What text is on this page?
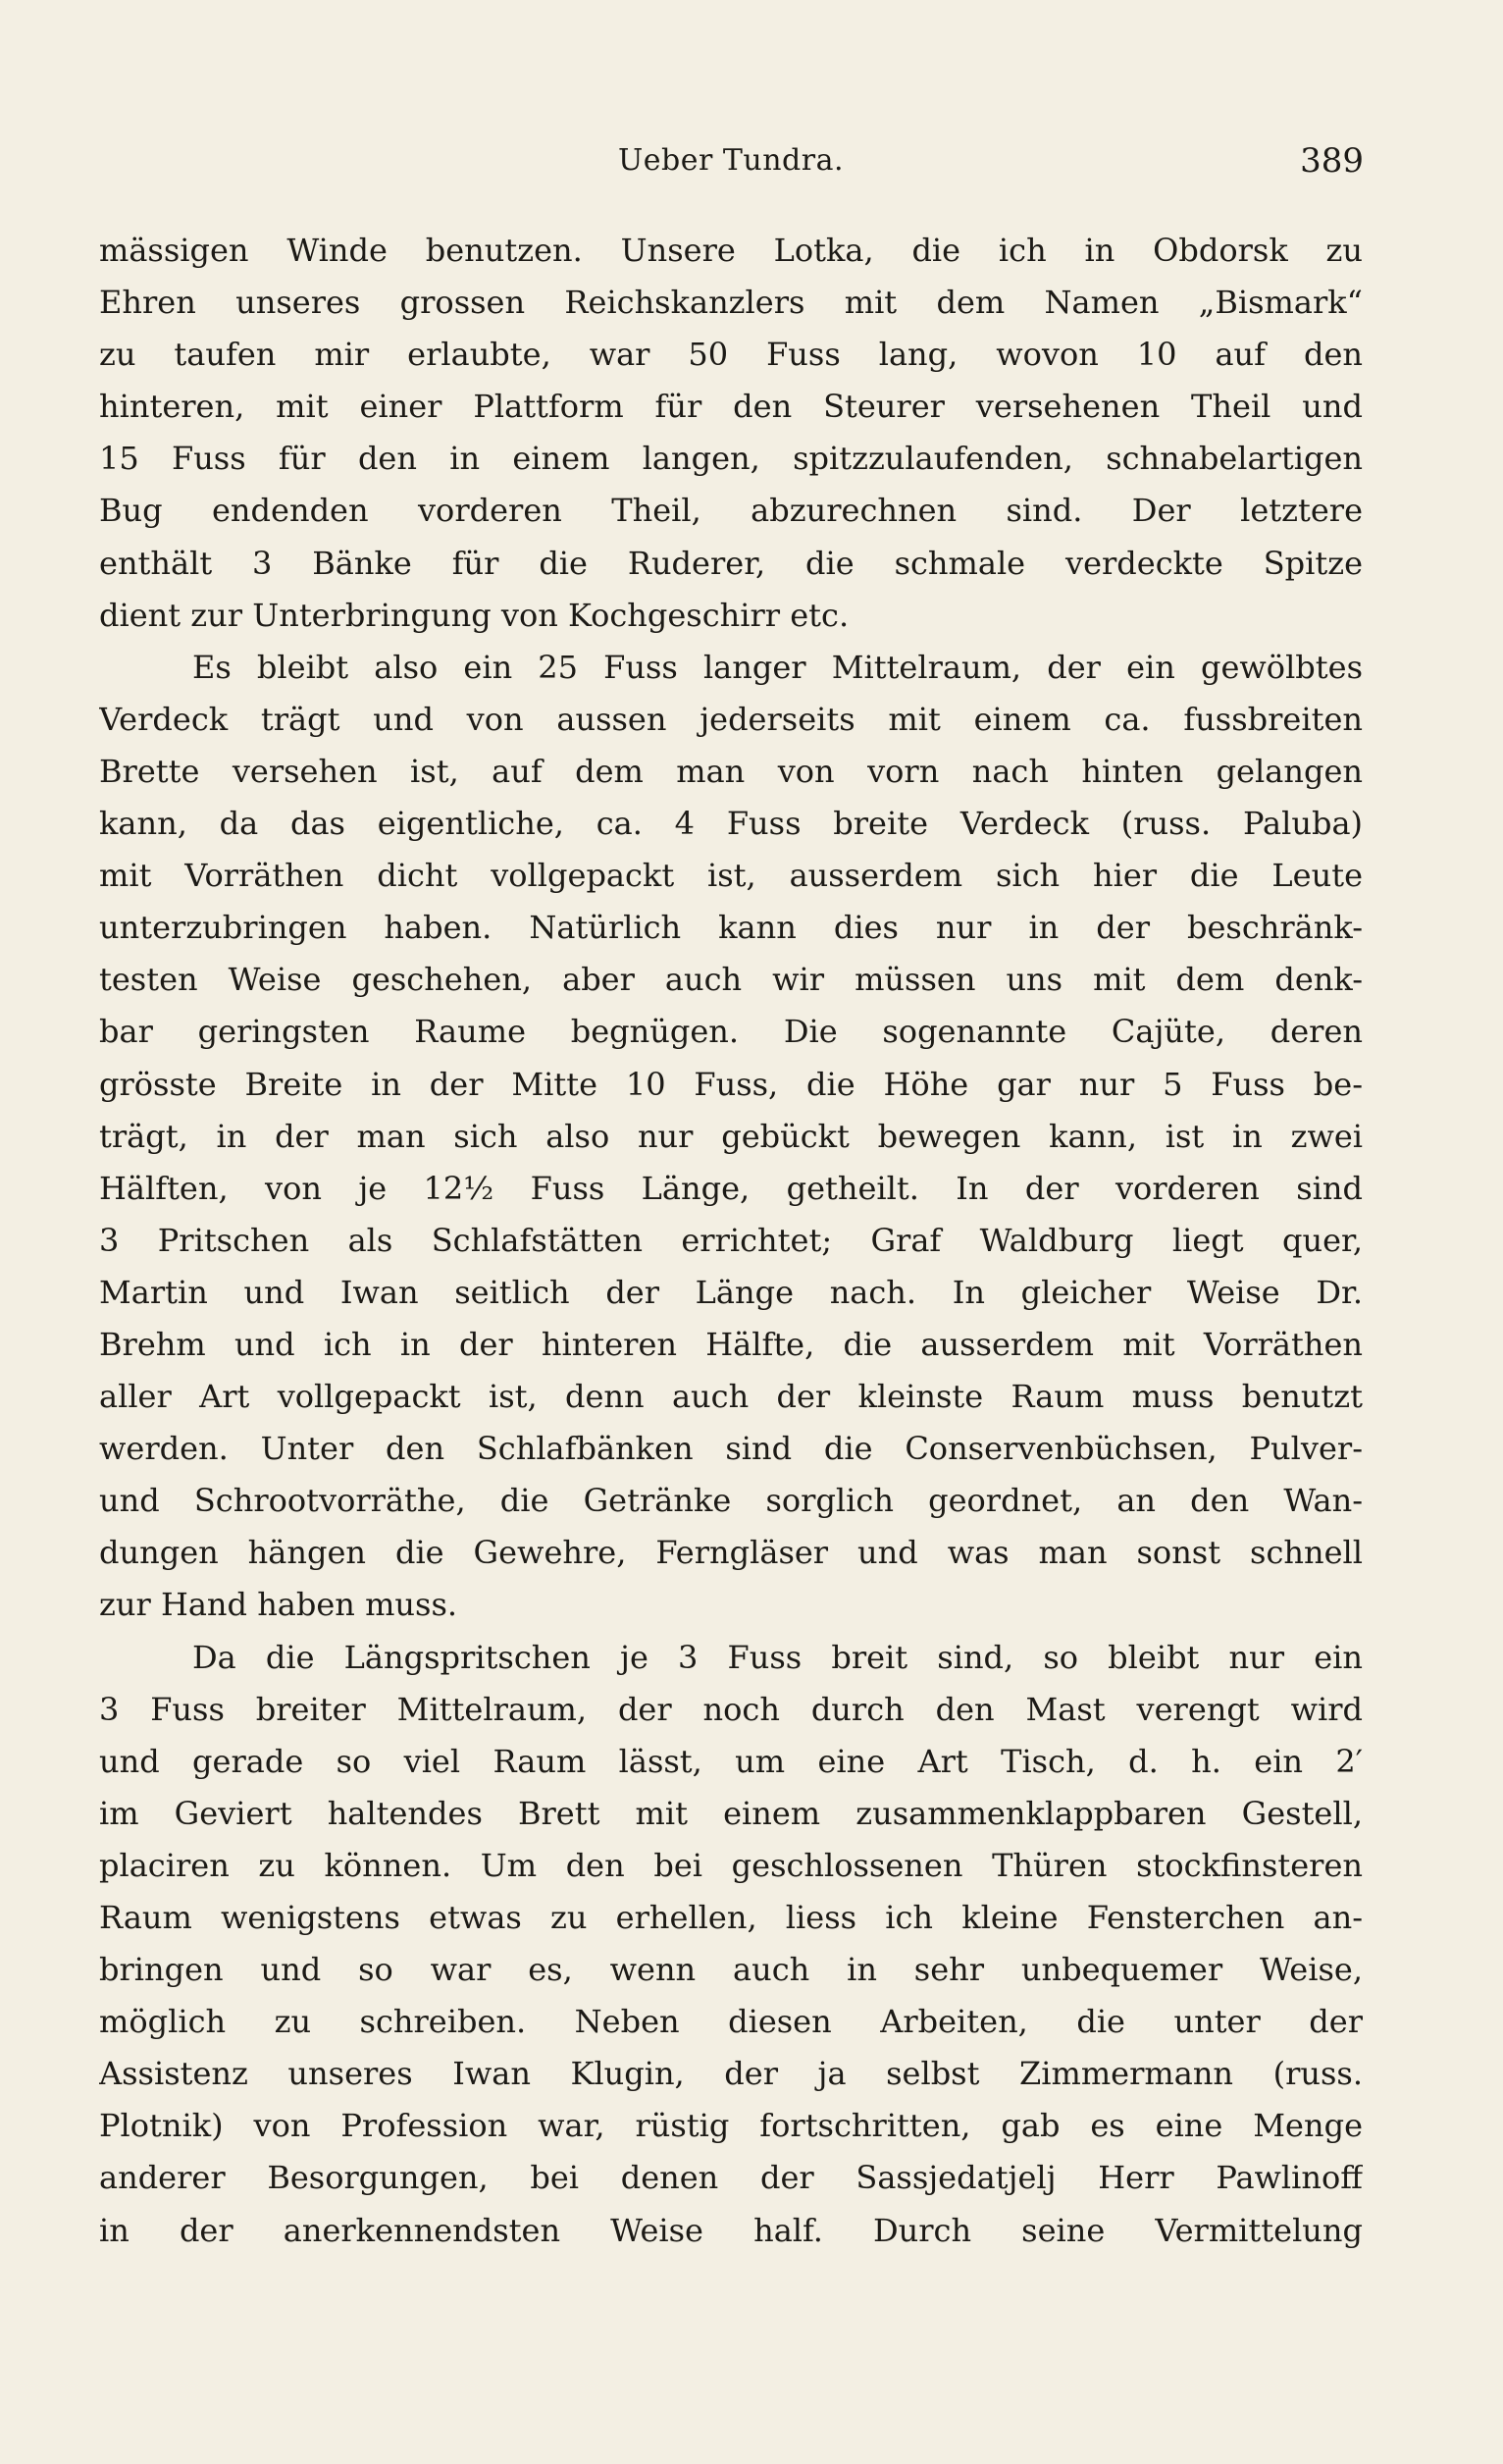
Ueber Tundra.	389
mässigen Winde benutzen. Unsere Lotka, die ich in Obdorsk zu
Ehren unseres grossen Reichskanzlers mit dem Namen „Bismark“
zu taufen mir erlaubte, war 50 Fuss lang, wovon 10 auf den
hinteren, mit einer Plattform für den Steurer versehenen Theil und
15 Fuss für den in einem langen, spitzzulaufenden, schnabelartigen
Bug endenden vorderen Theil, abzurechnen sind. Der letztere
enthält 3 Bänke für die Ruderer, die schmale verdeckte Spitze
dient zur Unterbringung von Kochgeschirr etc.
Es bleibt also ein 25 Fuss langer Mittelraum, der ein gewölbtes
Verdeck trägt und von aussen jederseits mit einem ca. fussbreiten
Brette versehen ist, auf dem man von vorn nach hinten gelangen
kann, da das eigentliche, ca. 4 Fuss breite Verdeck (russ. Paluba)
mit Vorräthen dicht vollgepackt ist, ausserdem sich hier die Leute
unterzubringen haben. Natürlich kann dies nur in der beschränk-
testen Weise geschehen, aber auch wir müssen uns mit dem denk-
bar geringsten Raume begnügen. Die sogenannte Cajüte, deren
grösste Breite in der Mitte 10 Fuss, die Höhe gar nur 5 Fuss be-
trägt, in der man sich also nur gebückt bewegen kann, ist in zwei
Hälften, von je 12½ Fuss Länge, getheilt. In der vorderen sind
3 Pritschen als Schlafstätten errichtet; Graf Waldburg liegt quer,
Martin und Iwan seitlich der Länge nach. In gleicher Weise Dr.
Brehm und ich in der hinteren Hälfte, die ausserdem mit Vorräthen
aller Art vollgepackt ist, denn auch der kleinste Raum muss benutzt
werden. Unter den Schlafbänken sind die Conservenbüchsen, Pulver-
und Schrootvorräthe, die Getränke sorglich geordnet, an den Wan-
dungen hängen die Gewehre, Ferngläser und was man sonst schnell
zur Hand haben muss.
Da die Längspritschen je 3 Fuss breit sind, so bleibt nur ein
3 Fuss breiter Mittelraum, der noch durch den Mast verengt wird
und gerade so viel Raum lässt, um eine Art Tisch, d. h. ein 2′
im Geviert haltendes Brett mit einem zusammenklappbaren Gestell,
placiren zu können. Um den bei geschlossenen Thüren stockfinsteren
Raum wenigstens etwas zu erhellen, liess ich kleine Fensterchen an-
bringen und so war es, wenn auch in sehr unbequemer Weise,
möglich zu schreiben. Neben diesen Arbeiten, die unter der
Assistenz unseres Iwan Klugin, der ja selbst Zimmermann (russ.
Plotnik) von Profession war, rüstig fortschritten, gab es eine Menge
anderer Besorgungen, bei denen der Sassjedatjelj Herr Pawlinoff
in der anerkennendsten Weise half. Durch seine Vermittelung
